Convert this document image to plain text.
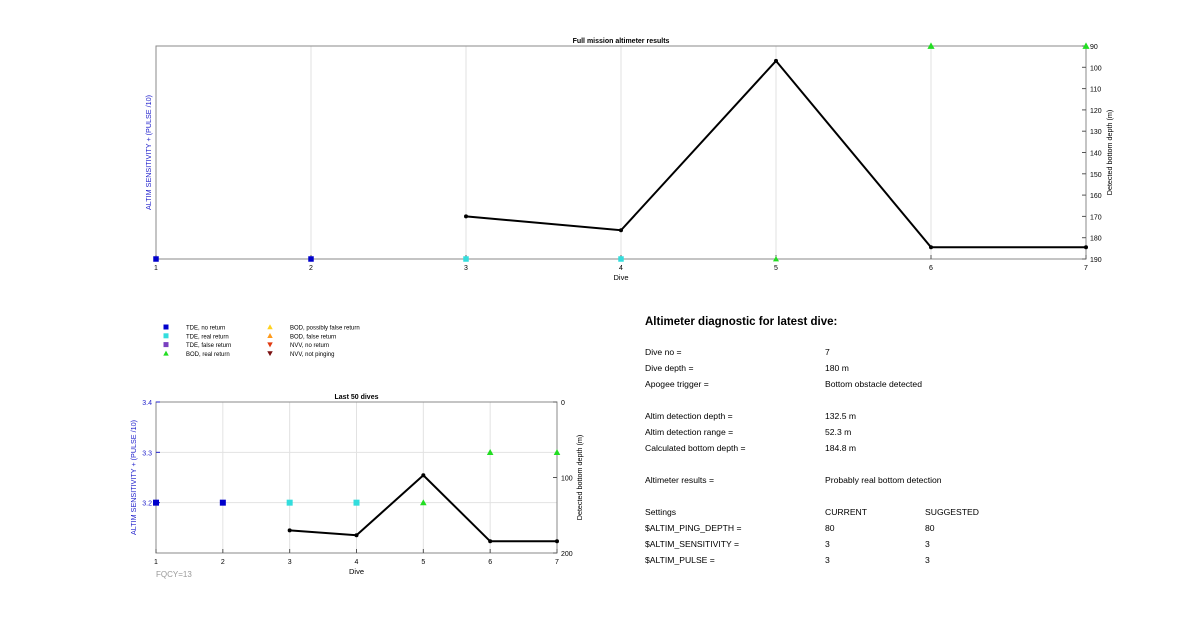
1	2	3	4	5	6	7
90
100
110
120
130
140
150
160
170
180
190
Full mission altimeter results
Dive
ALTIM SENSITIVITY + (PULSE /10)	Detected bottom depth (m)
TDE, no return
TDE, real return
TDE, false return
BOD, real return
BOD, possibly false return
BOD, false return
NVV, no return
NVV, not pinging
1	2	3	4	5	6	7
3.2
3.3
3.4	0
100
200
Last 50 dives
Dive
ALTIM SENSITIVITY + (PULSE /10)	Detected bottom depth (m)
FQCY=13
Altimeter diagnostic for latest dive:
Dive no =	7
Dive depth =	180 m
Apogee trigger =	Bottom obstacle detected
Altim detection depth =	132.5 m
Altim detection range =	52.3 m
Calculated bottom depth =	184.8 m
Altimeter results =	Probably real bottom detection
Settings	CURRENT	SUGGESTED
$ALTIM_PING_DEPTH =	80	80
$ALTIM_SENSITIVITY =	3	3
$ALTIM_PULSE =	3	3
